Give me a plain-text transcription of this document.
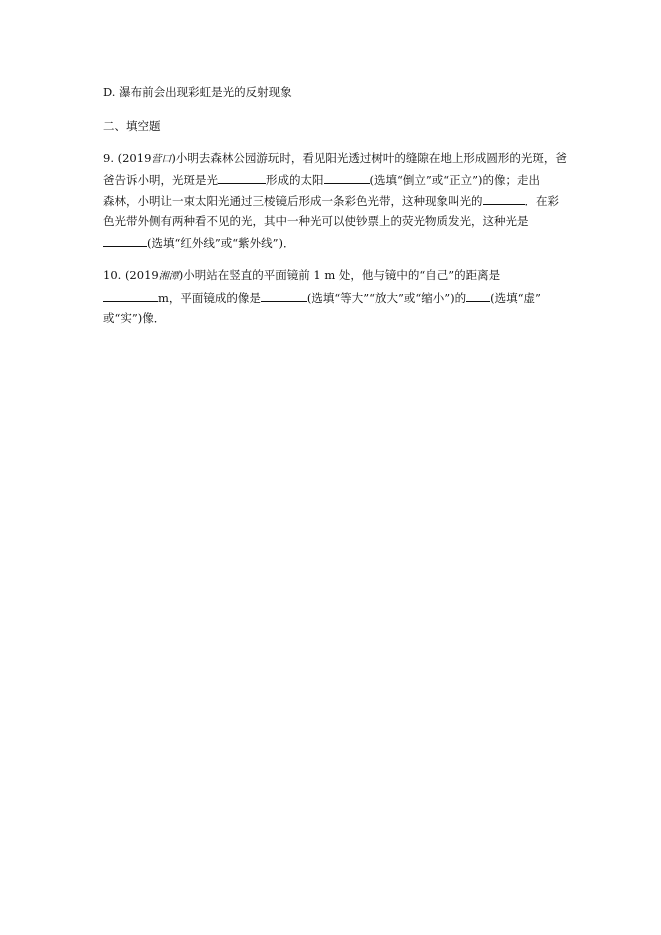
D. 瀑布前会出现彩虹是光的反射现象
二、填空题
9. (2019营口)小明去森林公园游玩时，看见阳光透过树叶的缝隙在地上形成圆形的光斑，爸
爸告诉小明，光斑是光	形成的太阳	(选填“倒立”或“正立”)的像；走出
森林，小明让一束太阳光通过三棱镜后形成一条彩色光带，这种现象叫光的	．在彩
色光带外侧有两种看不见的光，其中一种光可以使钞票上的荧光物质发光，这种光是
(选填“红外线”或“紫外线”)．
10. (2019湘潭)小明站在竖直的平面镜前 1 m 处，他与镜中的“自己”的距离是
m，平面镜成的像是	(选填“等大”“放大”或“缩小”)的 (选填“虚”
或“实”)像．
